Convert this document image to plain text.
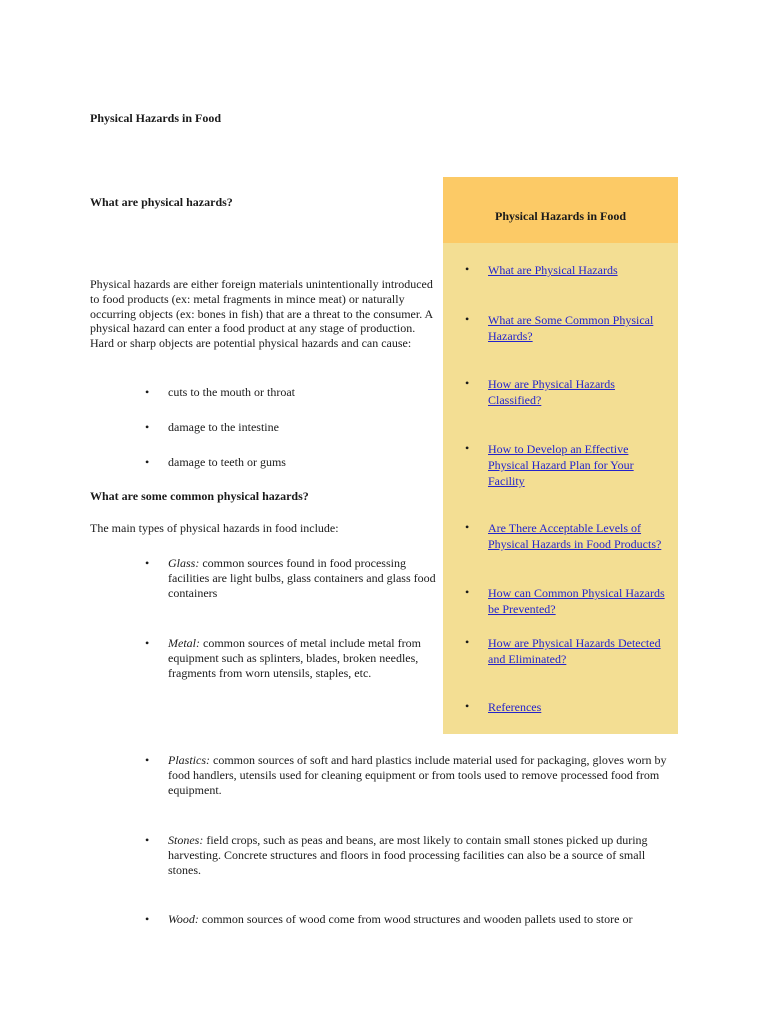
Physical Hazards in Food
What are physical hazards?
Physical hazards are either foreign materials unintentionally introduced to food products (ex: metal fragments in mince meat) or naturally occurring objects (ex: bones in fish) that are a threat to the consumer. A physical hazard can enter a food product at any stage of production. Hard or sharp objects are potential physical hazards and can cause:
• cuts to the mouth or throat
• damage to the intestine
• damage to teeth or gums
What are some common physical hazards?
The main types of physical hazards in food include:
• Glass: common sources found in food processing facilities are light bulbs, glass containers and glass food containers
• Metal: common sources of metal include metal from equipment such as splinters, blades, broken needles, fragments from worn utensils, staples, etc.
• Plastics: common sources of soft and hard plastics include material used for packaging, gloves worn by food handlers, utensils used for cleaning equipment or from tools used to remove processed food from equipment.
• Stones: field crops, such as peas and beans, are most likely to contain small stones picked up during harvesting. Concrete structures and floors in food processing facilities can also be a source of small stones.
• Wood: common sources of wood come from wood structures and wooden pallets used to store or
Physical Hazards in Food
• What are Physical Hazards
• What are Some Common Physical Hazards?
• How are Physical Hazards Classified?
• How to Develop an Effective Physical Hazard Plan for Your Facility
• Are There Acceptable Levels of Physical Hazards in Food Products?
• How can Common Physical Hazards be Prevented?
• How are Physical Hazards Detected and Eliminated?
• References
